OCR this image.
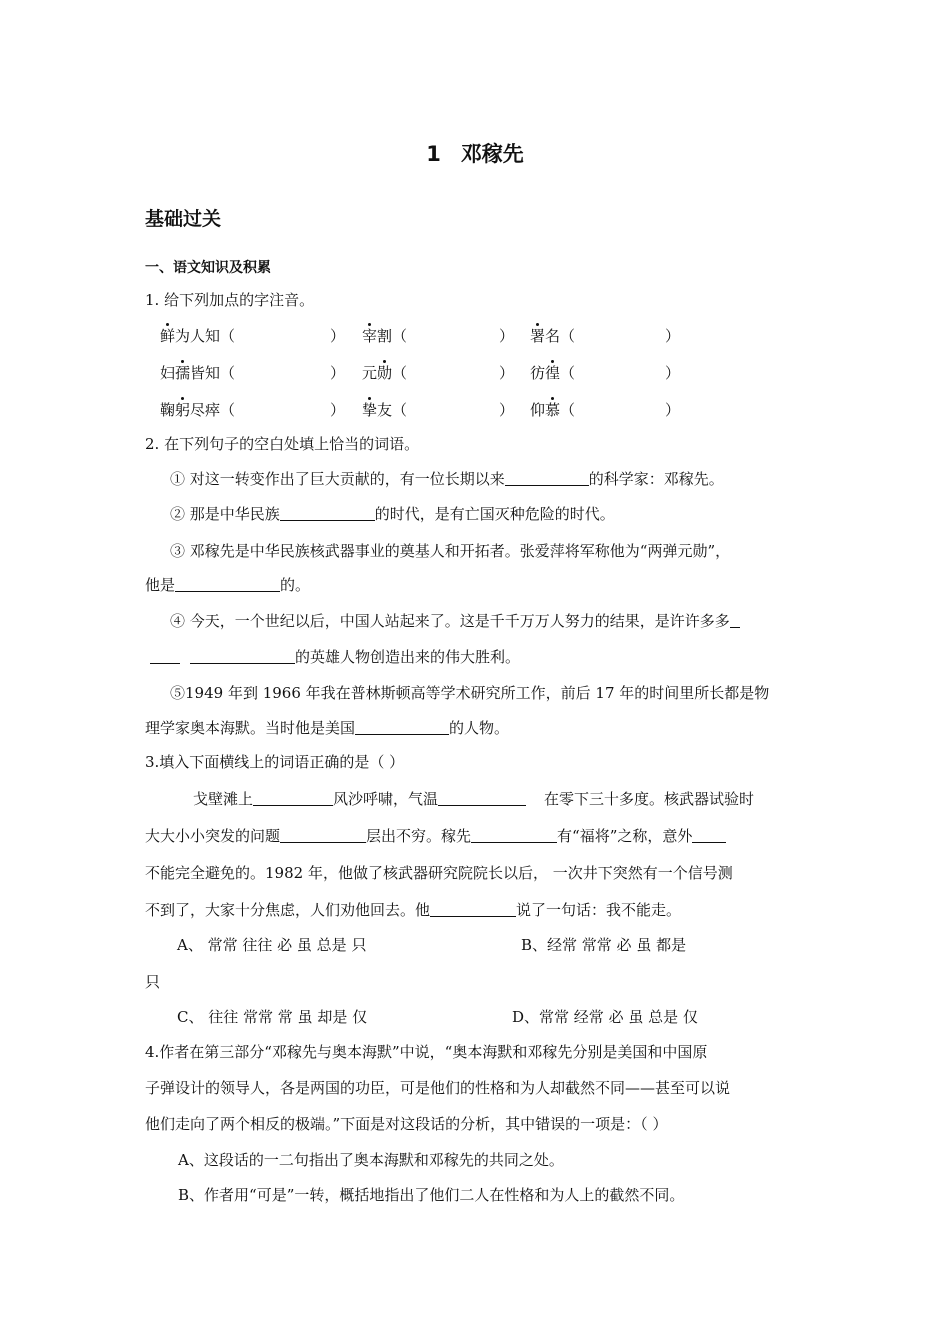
1 邓稼先
基础过关
一、语文知识及积累
1. 给下列加点的字注音。
鲜为人知（	） 宰割（	） 署名（	）
妇孺皆知（	） 元勋（	） 彷徨（	）
鞠躬尽瘁（	） 挚友（	） 仰慕（	）
2. 在下列句子的空白处填上恰当的词语。
① 对这一转变作出了巨大贡献的，有一位长期以来	的科学家：邓稼先。
② 那是中华民族	的时代，是有亡国灭种危险的时代。
③ 邓稼先是中华民族核武器事业的奠基人和开拓者。张爱萍将军称他为“两弹元勋”，
他是	的。
④ 今天，一个世纪以后，中国人站起来了。这是千千万万人努力的结果，是许许多多
的英雄人物创造出来的伟大胜利。
⑤1949 年到 1966 年我在普林斯顿高等学术研究所工作，前后 17 年的时间里所长都是物
理学家奥本海默。当时他是美国	的人物。
3.填入下面横线上的词语正确的是（ ）
戈壁滩上	风沙呼啸，气温	在零下三十多度。核武器试验时
大大小小突发的问题	层出不穷。稼先	有“福将”之称，意外
不能完全避免的。1982 年，他做了核武器研究院院长以后， 一次井下突然有一个信号测
不到了，大家十分焦虑，人们劝他回去。他	说了一句话：我不能走。
A、 常常 往往 必 虽 总是 只	B、经常 常常 必 虽 都是
只
C、 往往 常常 常 虽 却是 仅	D、常常 经常 必 虽 总是 仅
4.作者在第三部分“邓稼先与奥本海默”中说，“奥本海默和邓稼先分别是美国和中国原
子弹设计的领导人，各是两国的功臣，可是他们的性格和为人却截然不同——甚至可以说
他们走向了两个相反的极端。”下面是对这段话的分析，其中错误的一项是：（ ）
A、这段话的一二句指出了奥本海默和邓稼先的共同之处。
B、作者用“可是”一转，概括地指出了他们二人在性格和为人上的截然不同。
